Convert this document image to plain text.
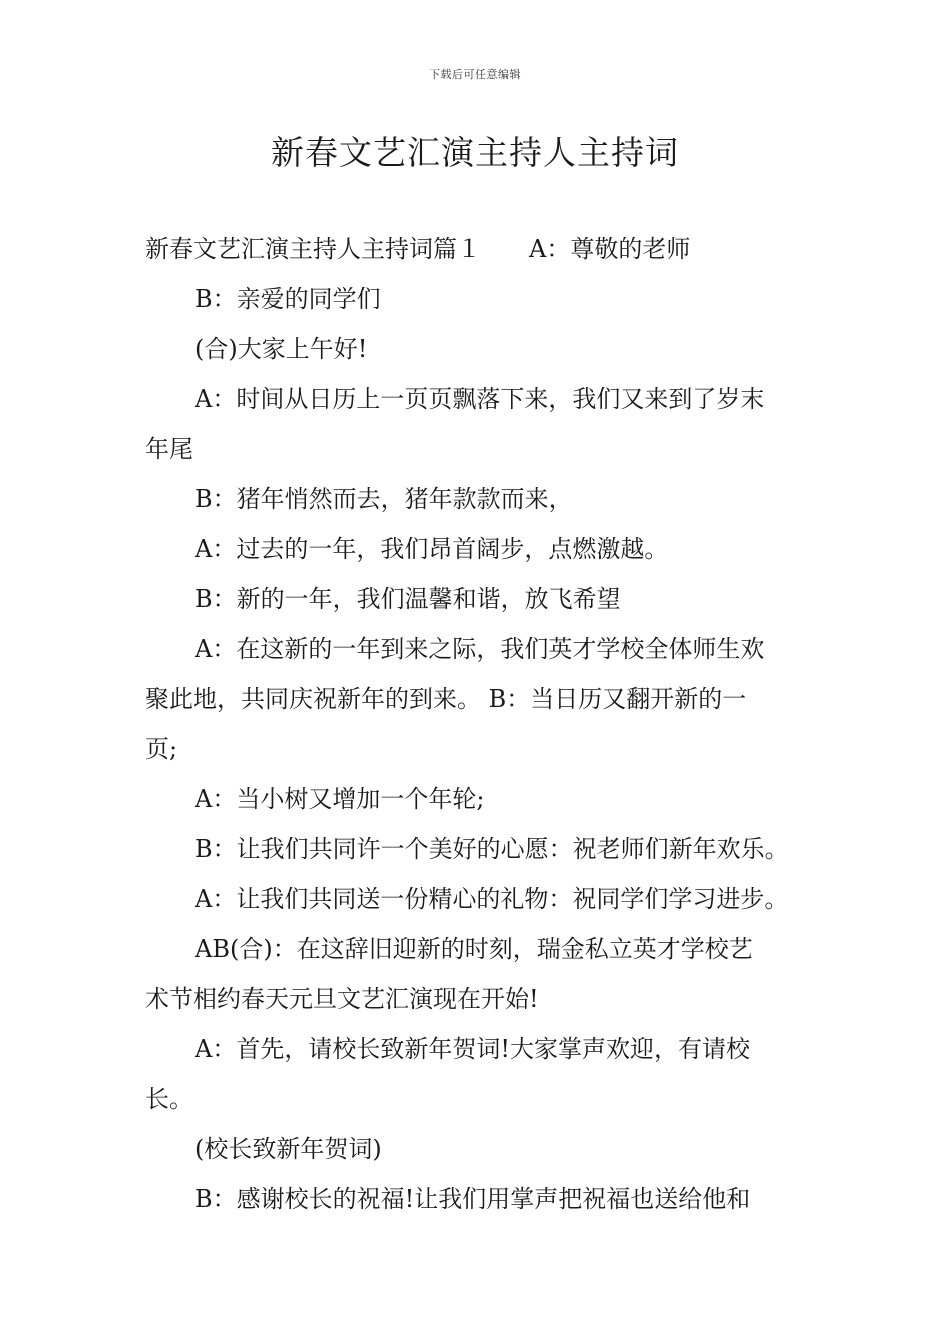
下载后可任意编辑
新春文艺汇演主持人主持词

新春文艺汇演主持人主持词篇１ A：尊敬的老师

B：亲爱的同学们

(合)大家上午好!

A：时间从日历上一页页飘落下来，我们又来到了岁末

年尾

B：猪年悄然而去，猪年款款而来，

A：过去的一年，我们昂首阔步，点燃激越。

B：新的一年，我们温馨和谐，放飞希望

A：在这新的一年到来之际，我们英才学校全体师生欢

聚此地，共同庆祝新年的到来。 B：当日历又翻开新的一

页;

A：当小树又增加一个年轮;

B：让我们共同许一个美好的心愿：祝老师们新年欢乐。

A：让我们共同送一份精心的礼物：祝同学们学习进步。

AB(合)：在这辞旧迎新的时刻，瑞金私立英才学校艺

术节相约春天元旦文艺汇演现在开始!

A：首先，请校长致新年贺词!大家掌声欢迎，有请校

长。

(校长致新年贺词)

B：感谢校长的祝福!让我们用掌声把祝福也送给他和
